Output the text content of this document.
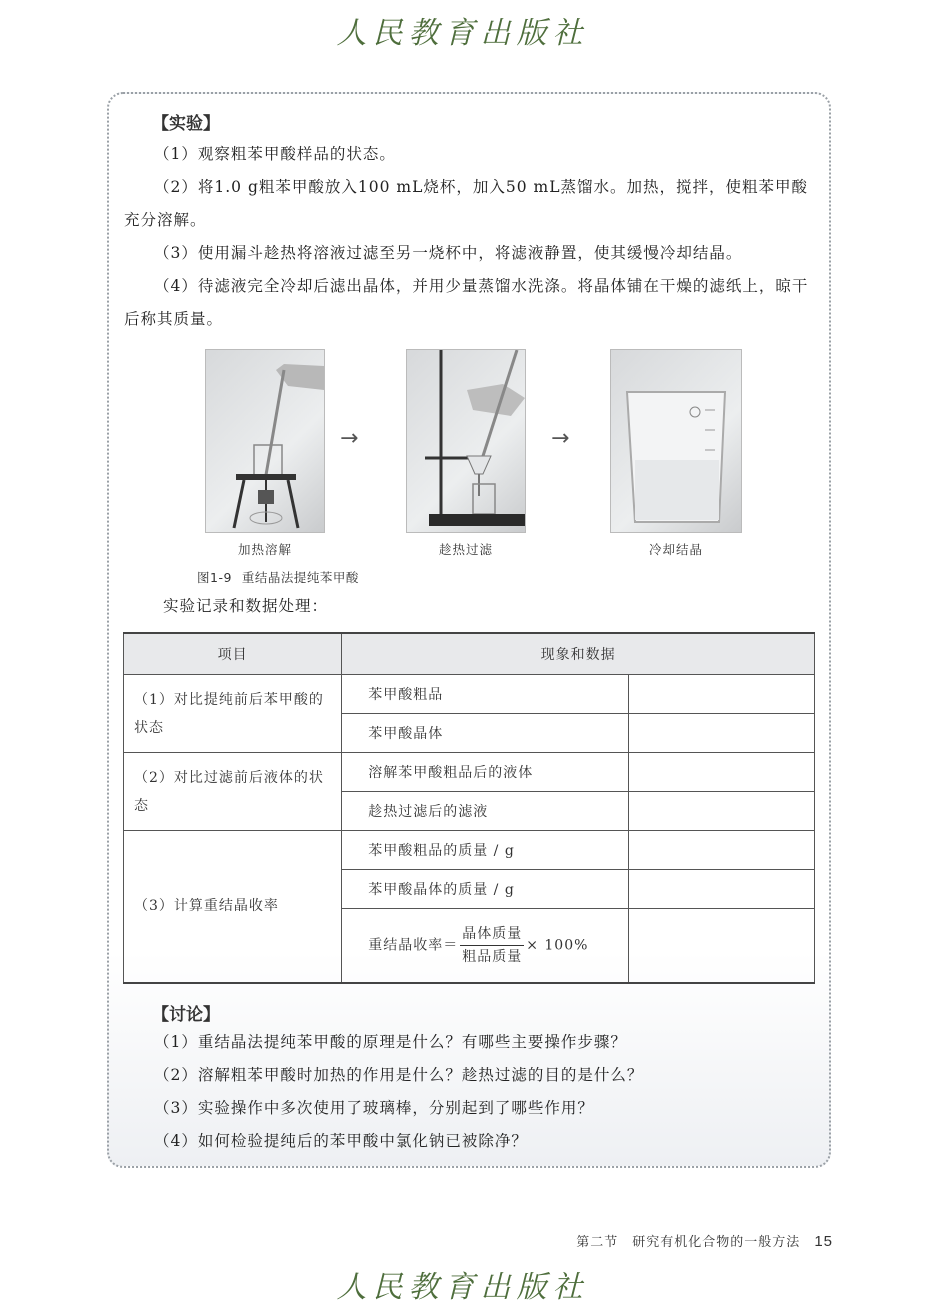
人民教育出版社
【实验】
（1）观察粗苯甲酸样品的状态。
（2）将1.0 g粗苯甲酸放入100 mL烧杯，加入50 mL蒸馏水。加热，搅拌，使粗苯甲酸充分溶解。
（3）使用漏斗趁热将溶液过滤至另一烧杯中，将滤液静置，使其缓慢冷却结晶。
（4）待滤液完全冷却后滤出晶体，并用少量蒸馏水洗涤。将晶体铺在干燥的滤纸上，晾干后称其质量。
→	→
加热溶解	趁热过滤	冷却结晶
图1-9 重结晶法提纯苯甲酸
实验记录和数据处理：
项目	现象和数据	
（1）对比提纯前后苯甲酸的状态	苯甲酸粗品	
	苯甲酸晶体	
（2）对比过滤前后液体的状态	溶解苯甲酸粗品后的液体	
	趁热过滤后的滤液	
（3）计算重结晶收率	苯甲酸粗品的质量 / g	
	苯甲酸晶体的质量 / g	
	重结晶收率＝ $\frac{\text{晶体质量}}{\text{粗品质量}} \times 100\%$	
【讨论】
（1）重结晶法提纯苯甲酸的原理是什么？有哪些主要操作步骤？
（2）溶解粗苯甲酸时加热的作用是什么？趁热过滤的目的是什么？
（3）实验操作中多次使用了玻璃棒，分别起到了哪些作用？
（4）如何检验提纯后的苯甲酸中氯化钠已被除净？
第二节　研究有机化合物的一般方法 15
人民教育出版社
